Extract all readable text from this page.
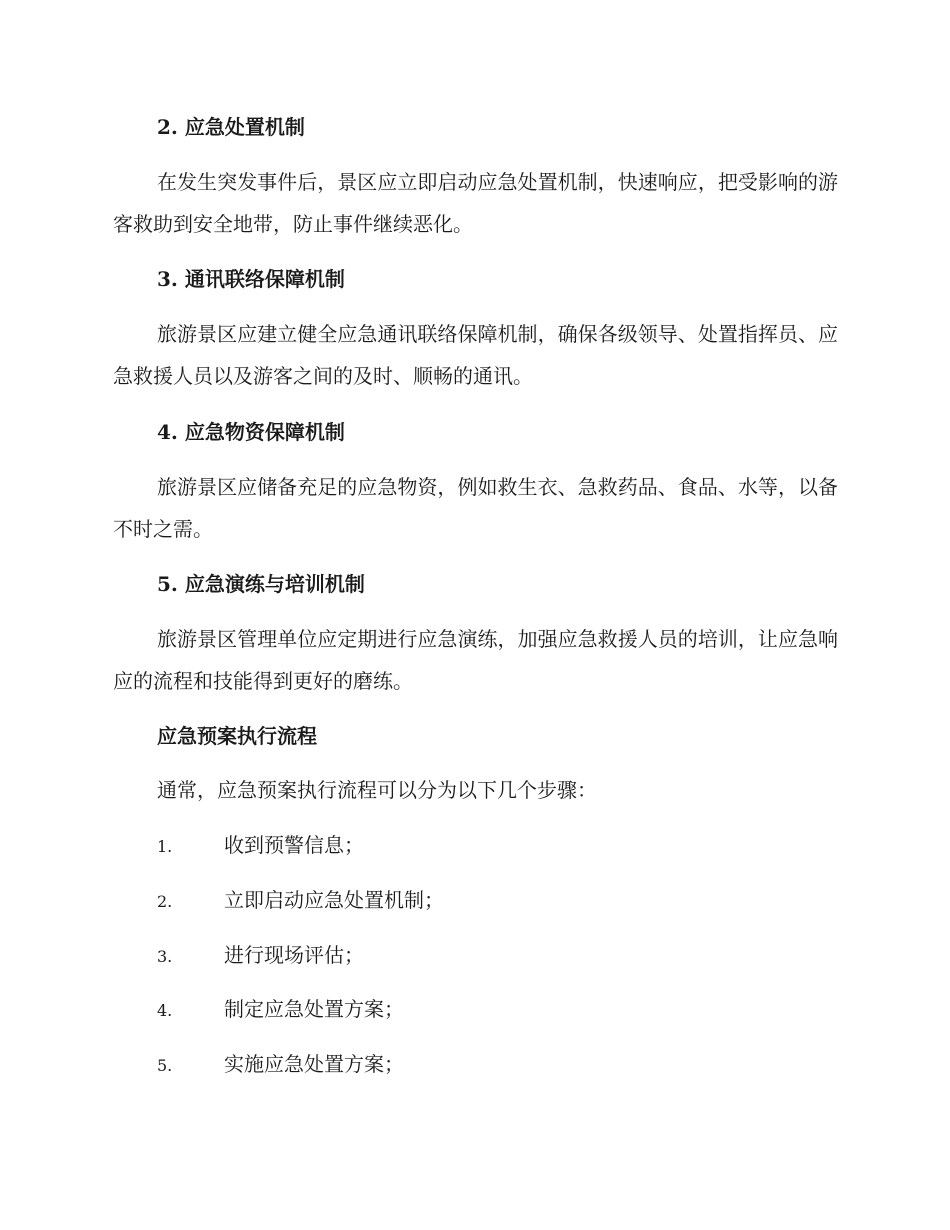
2. 应急处置机制
在发生突发事件后，景区应立即启动应急处置机制，快速响应，把受影响的游客救助到安全地带，防止事件继续恶化。
3. 通讯联络保障机制
旅游景区应建立健全应急通讯联络保障机制，确保各级领导、处置指挥员、应急救援人员以及游客之间的及时、顺畅的通讯。
4. 应急物资保障机制
旅游景区应储备充足的应急物资，例如救生衣、急救药品、食品、水等，以备不时之需。
5. 应急演练与培训机制
旅游景区管理单位应定期进行应急演练，加强应急救援人员的培训，让应急响应的流程和技能得到更好的磨练。
应急预案执行流程
通常，应急预案执行流程可以分为以下几个步骤：
1.	收到预警信息；
2.	立即启动应急处置机制；
3.	进行现场评估；
4.	制定应急处置方案；
5.	实施应急处置方案；
